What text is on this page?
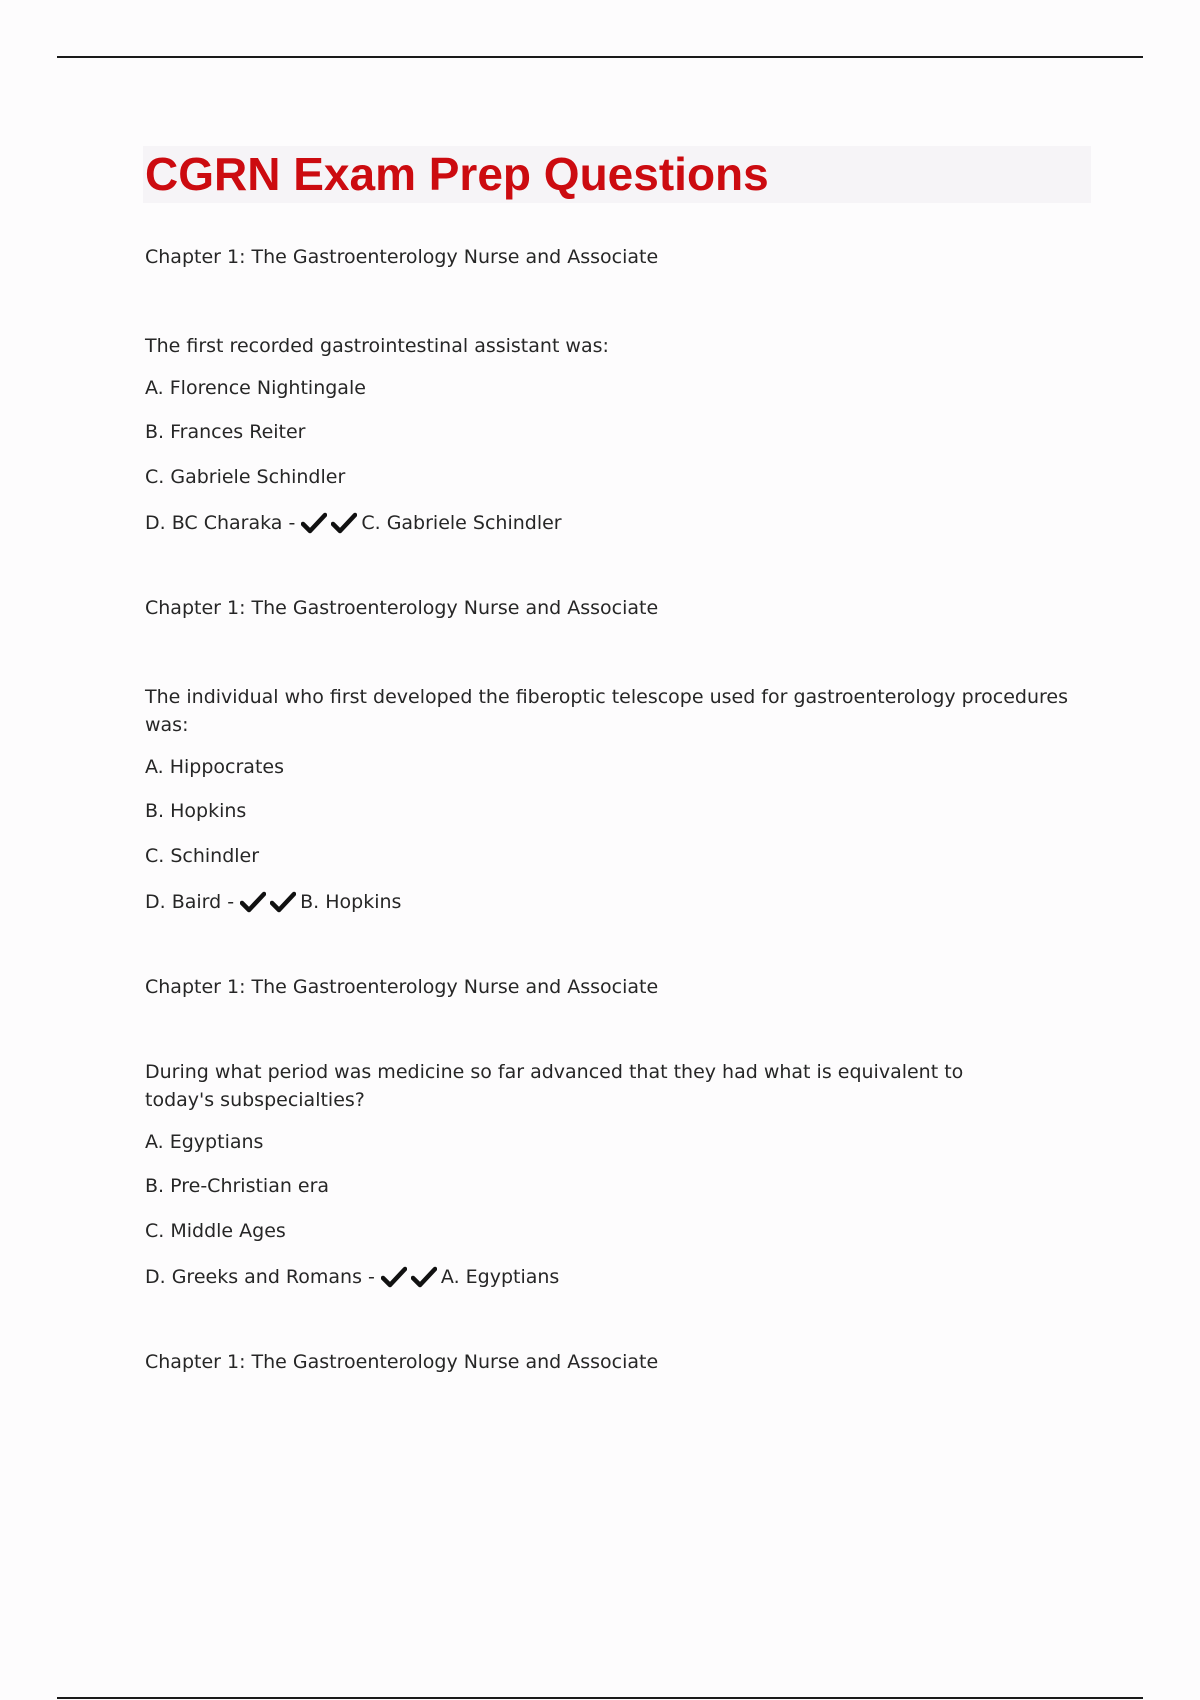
CGRN Exam Prep Questions

Chapter 1: The Gastroenterology Nurse and Associate

The first recorded gastrointestinal assistant was:

A. Florence Nightingale

B. Frances Reiter

C. Gabriele Schindler

D. BC Charaka -	C. Gabriele Schindler

Chapter 1: The Gastroenterology Nurse and Associate

The individual who first developed the fiberoptic telescope used for gastroenterology procedures was:

A. Hippocrates

B. Hopkins

C. Schindler

D. Baird -	B. Hopkins

Chapter 1: The Gastroenterology Nurse and Associate

During what period was medicine so far advanced that they had what is equivalent to today's subspecialties?

A. Egyptians

B. Pre-Christian era

C. Middle Ages

D. Greeks and Romans -	A. Egyptians

Chapter 1: The Gastroenterology Nurse and Associate
